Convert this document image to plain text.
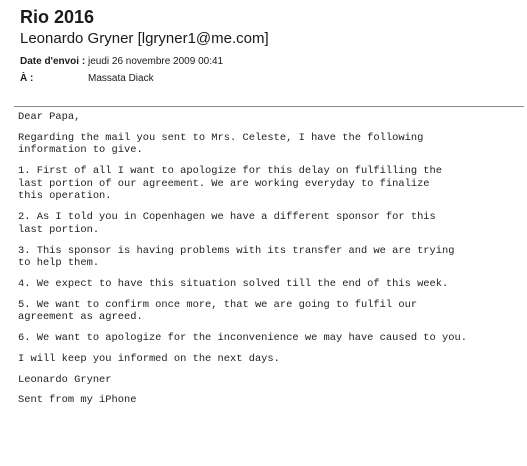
Rio 2016
Leonardo Gryner [lgryner1@me.com]
Date d'envoi : jeudi 26 novembre 2009 00:41
À :	Massata Diack

Dear Papa,

Regarding the mail you sent to Mrs. Celeste, I have the following
information to give.

1. First of all I want to apologize for this delay on fulfilling the
last portion of our agreement. We are working everyday to finalize
this operation.

2. As I told you in Copenhagen we have a different sponsor for this
last portion.

3. This sponsor is having problems with its transfer and we are trying
to help them.

4. We expect to have this situation solved till the end of this week.

5. We want to confirm once more, that we are going to fulfil our
agreement as agreed.

6. We want to apologize for the inconvenience we may have caused to you.

I will keep you informed on the next days.

Leonardo Gryner

Sent from my iPhone
